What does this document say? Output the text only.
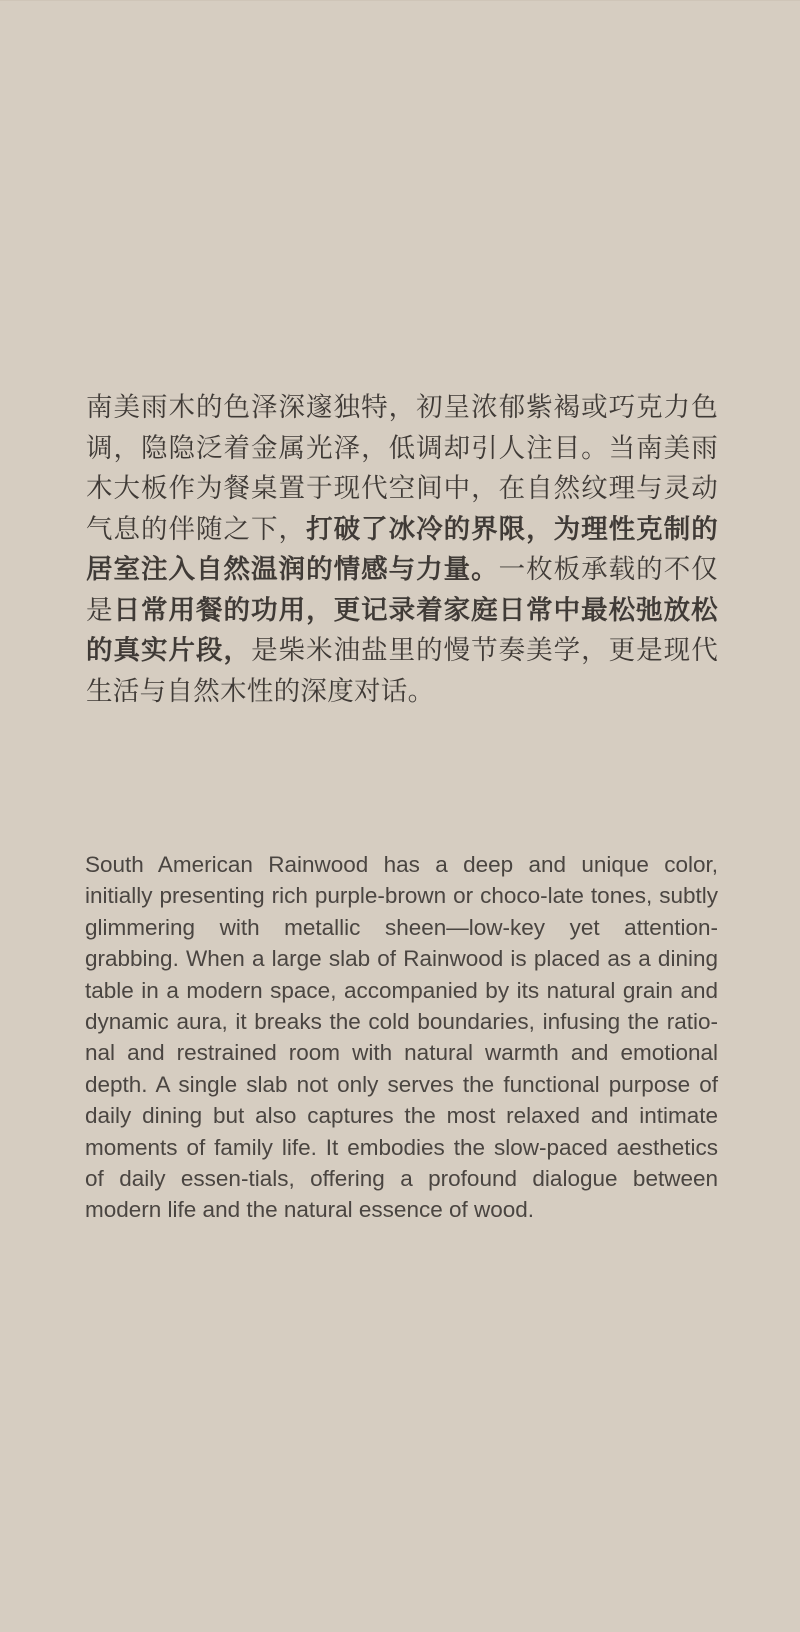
南美雨木的色泽深邃独特，初呈浓郁紫褐或巧克力色调，隐隐泛着金属光泽，低调却引人注目。当南美雨木大板作为餐桌置于现代空间中，在自然纹理与灵动气息的伴随之下，打破了冰冷的界限，为理性克制的居室注入自然温润的情感与力量。一枚板承载的不仅是日常用餐的功用，更记录着家庭日常中最松弛放松的真实片段，是柴米油盐里的慢节奏美学，更是现代生活与自然木性的深度对话。
South American Rainwood has a deep and unique color, initially presenting rich purple-brown or choco-late tones, subtly glimmering with metallic sheen—low-key yet attention-grabbing. When a large slab of Rainwood is placed as a dining table in a modern space, accompanied by its natural grain and dynamic aura, it breaks the cold boundaries, infusing the ratio-nal and restrained room with natural warmth and emotional depth. A single slab not only serves the functional purpose of daily dining but also captures the most relaxed and intimate moments of family life. It embodies the slow-paced aesthetics of daily essen-tials, offering a profound dialogue between modern life and the natural essence of wood.
